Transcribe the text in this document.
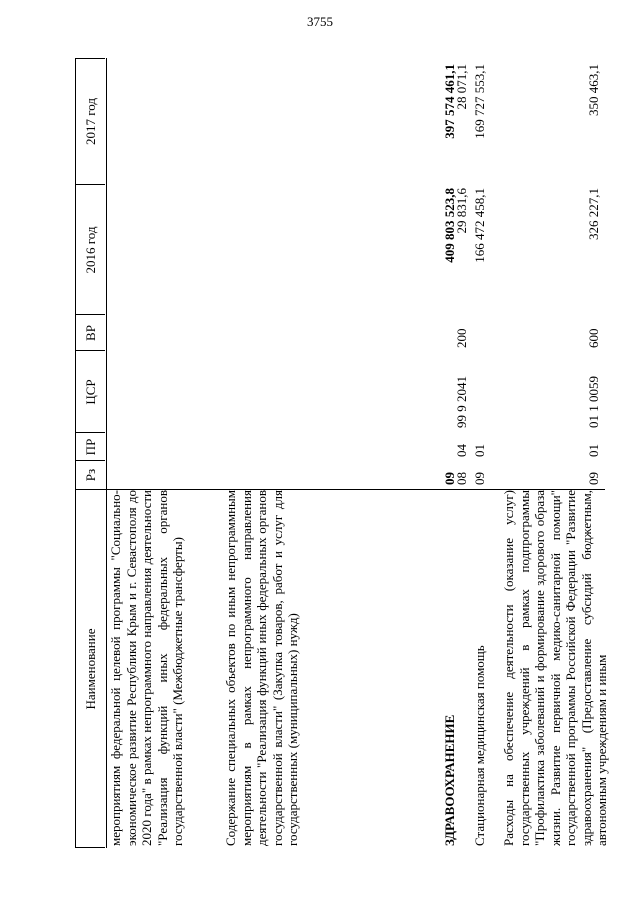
3755
Наименование
Рз
ПР
ЦСР
ВР
2016 год
2017 год
мероприятиям федеральной целевой программы "Социально-экономическое развитие Республики Крым и г. Севастополя до 2020 года" в рамках непрограммного направления деятельности "Реализация функций иных федеральных органов государственной власти" (Межбюджетные трансферты)	Содержание специальных объектов по иным непрограммным мероприятиям в рамках непрограммного направления деятельности "Реализация функций иных федеральных органов государственной власти" (Закупка товаров, работ и услуг для государственных (муниципальных) нужд)
08
04
99 9 2041
200
29 831,6
28 071,1
ЗДРАВООХРАНЕНИЕ
09
409 803 523,8
397 574 461,1
Стационарная медицинская помощь
09
01
166 472 458,1
169 727 553,1
Расходы на обеспечение деятельности (оказание услуг) государственных учреждений в рамках подпрограммы "Профилактика заболеваний и формирование здорового образа жизни. Развитие первичной медико-санитарной помощи" государственной программы Российской Федерации "Развитие здравоохранения" (Предоставление субсидий бюджетным, автономным учреждениям и иным
09
01
01 1 0059
600
326 227,1
350 463,1
